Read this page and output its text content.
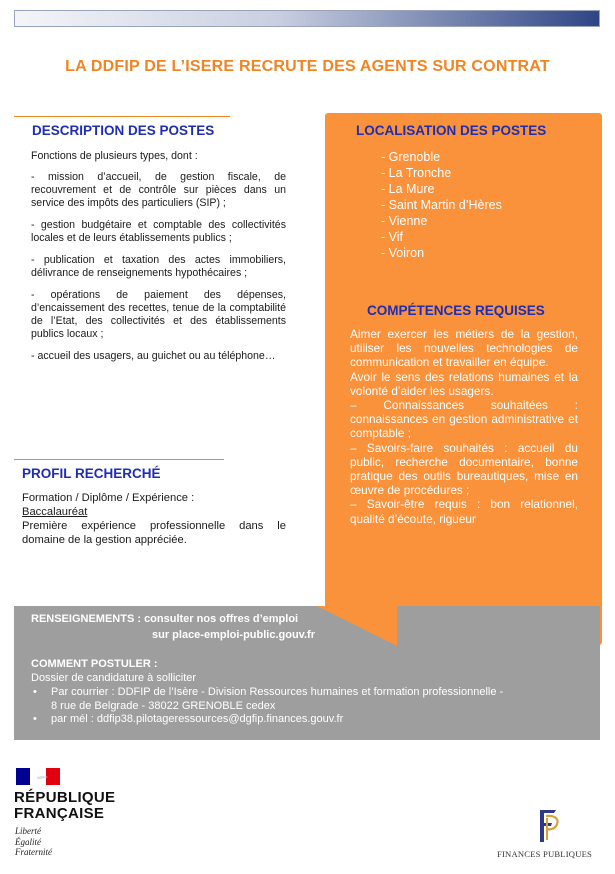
LA DDFIP DE L’ISERE RECRUTE DES AGENTS SUR CONTRAT
DESCRIPTION DES POSTES

Fonctions de plusieurs types, dont :

- mission d’accueil, de gestion fiscale, de recouvrement et de contrôle sur pièces dans un service des impôts des particuliers (SIP) ;

- gestion budgétaire et comptable des collectivités locales et de leurs établissements publics ;

- publication et taxation des actes immobiliers, délivrance de renseignements hypothécaires ;

- opérations de paiement des dépenses, d’encaissement des recettes, tenue de la comptabilité de l’Etat, des collectivités et des établissements publics locaux ;

- accueil des usagers, au guichet ou au téléphone…

PROFIL RECHERCHÉ
Formation / Diplôme / Expérience :
Baccalauréat
Première expérience professionnelle dans le domaine de la gestion appréciée.
LOCALISATION DES POSTES
- Grenoble
- La Tronche
- La Mure
- Saint Martin d’Hères
- Vienne
- Vif
- Voiron
COMPÉTENCES REQUISES
Aimer exercer les métiers de la gestion, utiliser les nouvelles technologies de communication et travailler en équipe.
Avoir le sens des relations humaines et la volonté d’aider les usagers.
– Connaissances souhaitées : connaissances en gestion administrative et comptable ;
– Savoirs-faire souhaités : accueil du public, recherche documentaire, bonne pratique des outils bureautiques, mise en œuvre de procédures ;
– Savoir-être requis : bon relationnel, qualité d’écoute, rigueur
RENSEIGNEMENTS : consulter nos offres d’emploi
sur place-emploi-public.gouv.fr
COMMENT POSTULER :
Dossier de candidature à solliciter
• Par courrier : DDFIP de l’Isère - Division Ressources humaines et formation professionnelle -
8 rue de Belgrade - 38022 GRENOBLE cedex
• par mél : ddfip38.pilotageressources@dgfip.finances.gouv.fr
RÉPUBLIQUE
FRANÇAISE
Liberté
Égalité
Fraternité	FINANCES PUBLIQUES
